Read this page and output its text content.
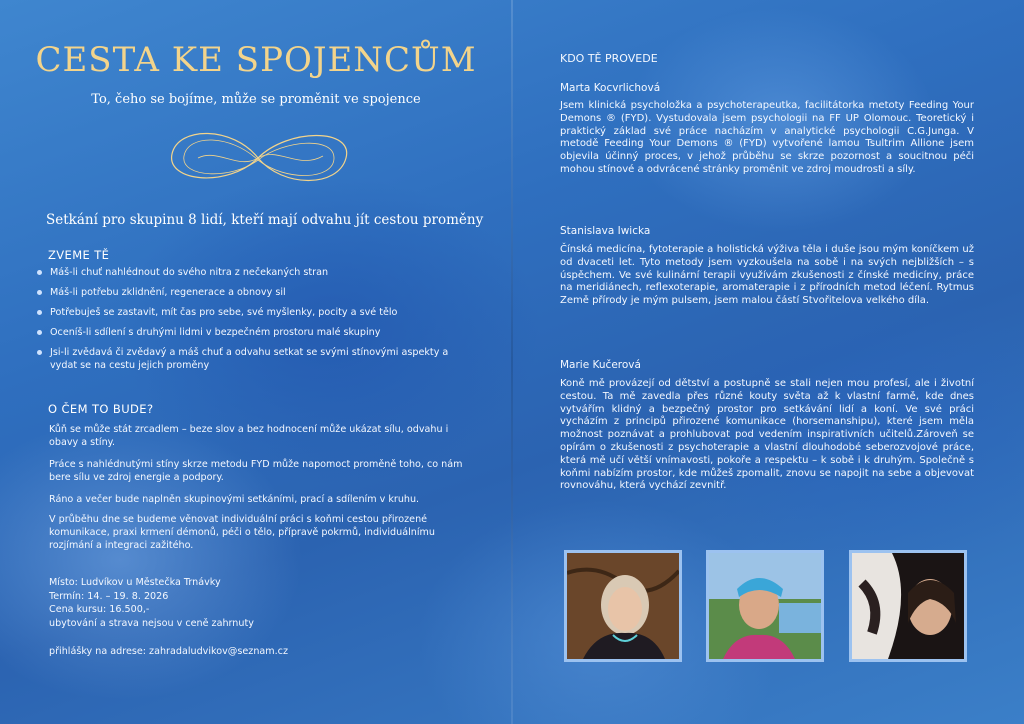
CESTA KE SPOJENCŮM
To, čeho se bojíme, může se proměnit ve spojence
Setkání pro skupinu 8 lidí, kteří mají odvahu jít cestou proměny
ZVEME TĚ
Máš-li chuť nahlédnout do svého nitra z nečekaných stran
Máš-li potřebu zklidnění, regenerace a obnovy sil
Potřebuješ se zastavit, mít čas pro sebe, své myšlenky, pocity a své tělo
Oceníš-li sdílení s druhými lidmi v bezpečném prostoru malé skupiny
Jsi-li zvědavá či zvědavý a máš chuť a odvahu setkat se svými stínovými aspekty a vydat se na cestu jejich proměny
O ČEM TO BUDE?

Kůň se může stát zrcadlem – beze slov a bez hodnocení může ukázat sílu, odvahu i obavy a stíny.

Práce s nahlédnutými stíny skrze metodu FYD může napomoct proměně toho, co nám bere sílu ve zdroj energie a podpory.

Ráno a večer bude naplněn skupinovými setkáními, prací a sdílením v kruhu.

V průběhu dne se budeme věnovat individuální práci s koňmi cestou přirozené komunikace, praxi krmení démonů, péči o tělo, přípravě pokrmů, individuálnímu rozjímání a integraci zažitého.

Místo: Ludvíkov u Městečka Trnávky
Termín: 14. – 19. 8. 2026
Cena kursu: 16.500,-
ubytování a strava nejsou v ceně zahrnuty
přihlášky na adrese: zahradaludvikov@seznam.cz
KDO TĚ PROVEDE
Marta Kocvrlichová

Jsem klinická psycholožka a psychoterapeutka, facilitátorka metoty Feeding Your Demons ® (FYD). Vystudovala jsem psychologii na FF UP Olomouc. Teoretický i praktický základ své práce nacházím v analytické psychologii C.G.Junga. V metodě Feeding Your Demons ® (FYD) vytvořené lamou Tsultrim Allione jsem objevila účinný proces, v jehož průběhu se skrze pozornost a soucitnou péči mohou stínové a odvrácené stránky proměnit ve zdroj moudrosti a síly.

Stanislava Iwicka

Čínská medicína, fytoterapie a holistická výživa těla i duše jsou mým koníčkem už od dvaceti let. Tyto metody jsem vyzkoušela na sobě i na svých nejbližších – s úspěchem. Ve své kulinární terapii využívám zkušenosti z čínské medicíny, práce na meridiánech, reflexoterapie, aromaterapie i z přírodních metod léčení. Rytmus Země přírody je mým pulsem, jsem malou částí Stvořitelova velkého díla.

Marie Kučerová

Koně mě provázejí od dětství a postupně se stali nejen mou profesí, ale i životní cestou. Ta mě zavedla přes různé kouty světa až k vlastní farmě, kde dnes vytvářím klidný a bezpečný prostor pro setkávání lidí a koní. Ve své práci vycházím z principů přirozené komunikace (horsemanshipu), které jsem měla možnost poznávat a prohlubovat pod vedením inspirativních učitelů.Zároveň se opírám o zkušenosti z psychoterapie a vlastní dlouhodobé seberozvojové práce, která mě učí větší vnímavosti, pokoře a respektu – k sobě i k druhým. Společně s koňmi nabízím prostor, kde můžeš zpomalit, znovu se napojit na sebe a objevovat rovnováhu, která vychází zevnitř.
